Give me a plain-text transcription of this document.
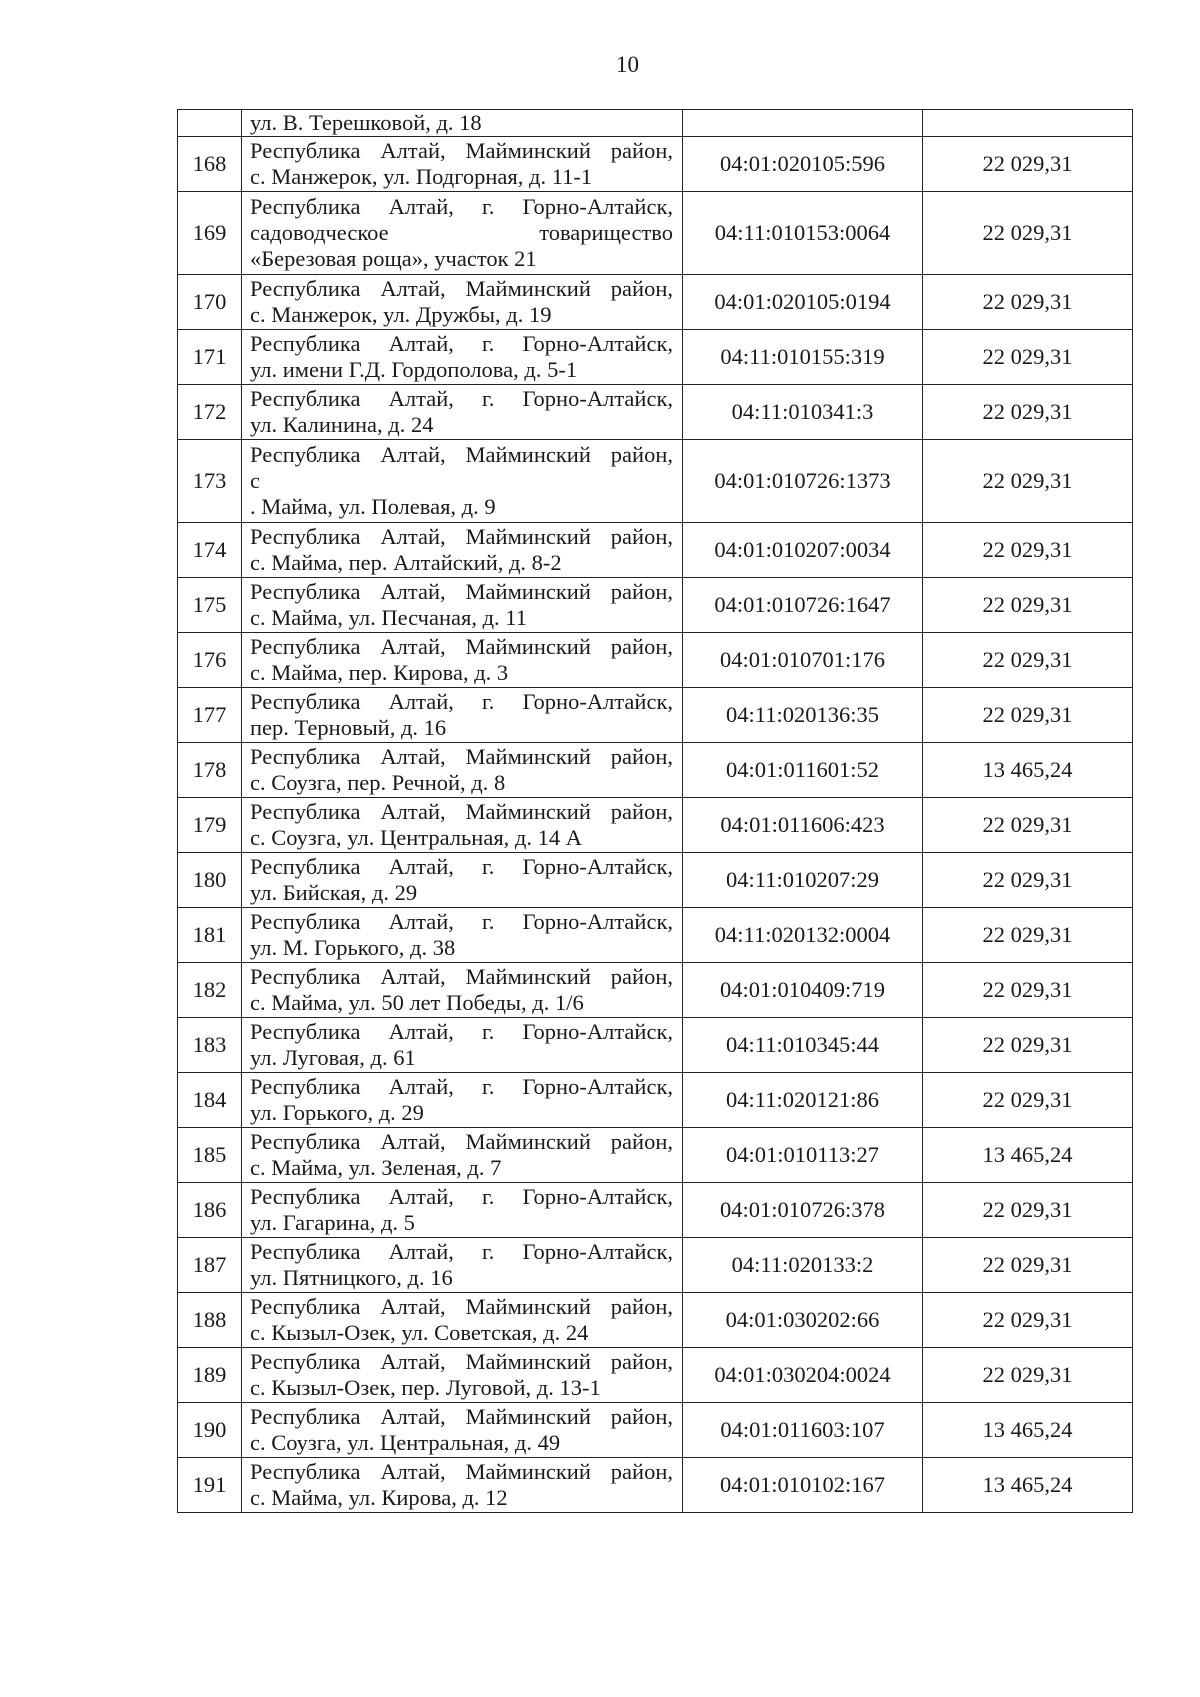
10

	ул. В. Терешковой, д. 18		

168	Республика Алтай, Майминский район,
с. Манжерок, ул. Подгорная, д. 11-1	04:01:020105:596	22 029,31
169	Республика Алтай, г. Горно-Алтайск,
садоводческое товарищество
«Березовая роща», участок 21	04:11:010153:0064	22 029,31
170	Республика Алтай, Майминский район,
с. Манжерок, ул. Дружбы, д. 19	04:01:020105:0194	22 029,31
171	Республика Алтай, г. Горно-Алтайск,
ул. имени Г.Д. Гордополова, д. 5-1	04:11:010155:319	22 029,31
172	Республика Алтай, г. Горно-Алтайск,
ул. Калинина, д. 24	04:11:010341:3	22 029,31
173	Республика Алтай, Майминский район,
с
. Майма, ул. Полевая, д. 9	04:01:010726:1373	22 029,31
174	Республика Алтай, Майминский район,
с. Майма, пер. Алтайский, д. 8-2	04:01:010207:0034	22 029,31
175	Республика Алтай, Майминский район,
с. Майма, ул. Песчаная, д. 11	04:01:010726:1647	22 029,31
176	Республика Алтай, Майминский район,
с. Майма, пер. Кирова, д. 3	04:01:010701:176	22 029,31
177	Республика Алтай, г. Горно-Алтайск,
пер. Терновый, д. 16	04:11:020136:35	22 029,31
178	Республика Алтай, Майминский район,
с. Соузга, пер. Речной, д. 8	04:01:011601:52	13 465,24
179	Республика Алтай, Майминский район,
с. Соузга, ул. Центральная, д. 14 А	04:01:011606:423	22 029,31
180	Республика Алтай, г. Горно-Алтайск,
ул. Бийская, д. 29	04:11:010207:29	22 029,31
181	Республика Алтай, г. Горно-Алтайск,
ул. М. Горького, д. 38	04:11:020132:0004	22 029,31
182	Республика Алтай, Майминский район,
с. Майма, ул. 50 лет Победы, д. 1/6	04:01:010409:719	22 029,31
183	Республика Алтай, г. Горно-Алтайск,
ул. Луговая, д. 61	04:11:010345:44	22 029,31
184	Республика Алтай, г. Горно-Алтайск,
ул. Горького, д. 29	04:11:020121:86	22 029,31
185	Республика Алтай, Майминский район,
с. Майма, ул. Зеленая, д. 7	04:01:010113:27	13 465,24
186	Республика Алтай, г. Горно-Алтайск,
ул. Гагарина, д. 5	04:01:010726:378	22 029,31
187	Республика Алтай, г. Горно-Алтайск,
ул. Пятницкого, д. 16	04:11:020133:2	22 029,31
188	Республика Алтай, Майминский район,
с. Кызыл-Озек, ул. Советская, д. 24	04:01:030202:66	22 029,31
189	Республика Алтай, Майминский район,
с. Кызыл-Озек, пер. Луговой, д. 13-1	04:01:030204:0024	22 029,31
190	Республика Алтай, Майминский район,
с. Соузга, ул. Центральная, д. 49	04:01:011603:107	13 465,24
191	Республика Алтай, Майминский район,
с. Майма, ул. Кирова, д. 12	04:01:010102:167	13 465,24
